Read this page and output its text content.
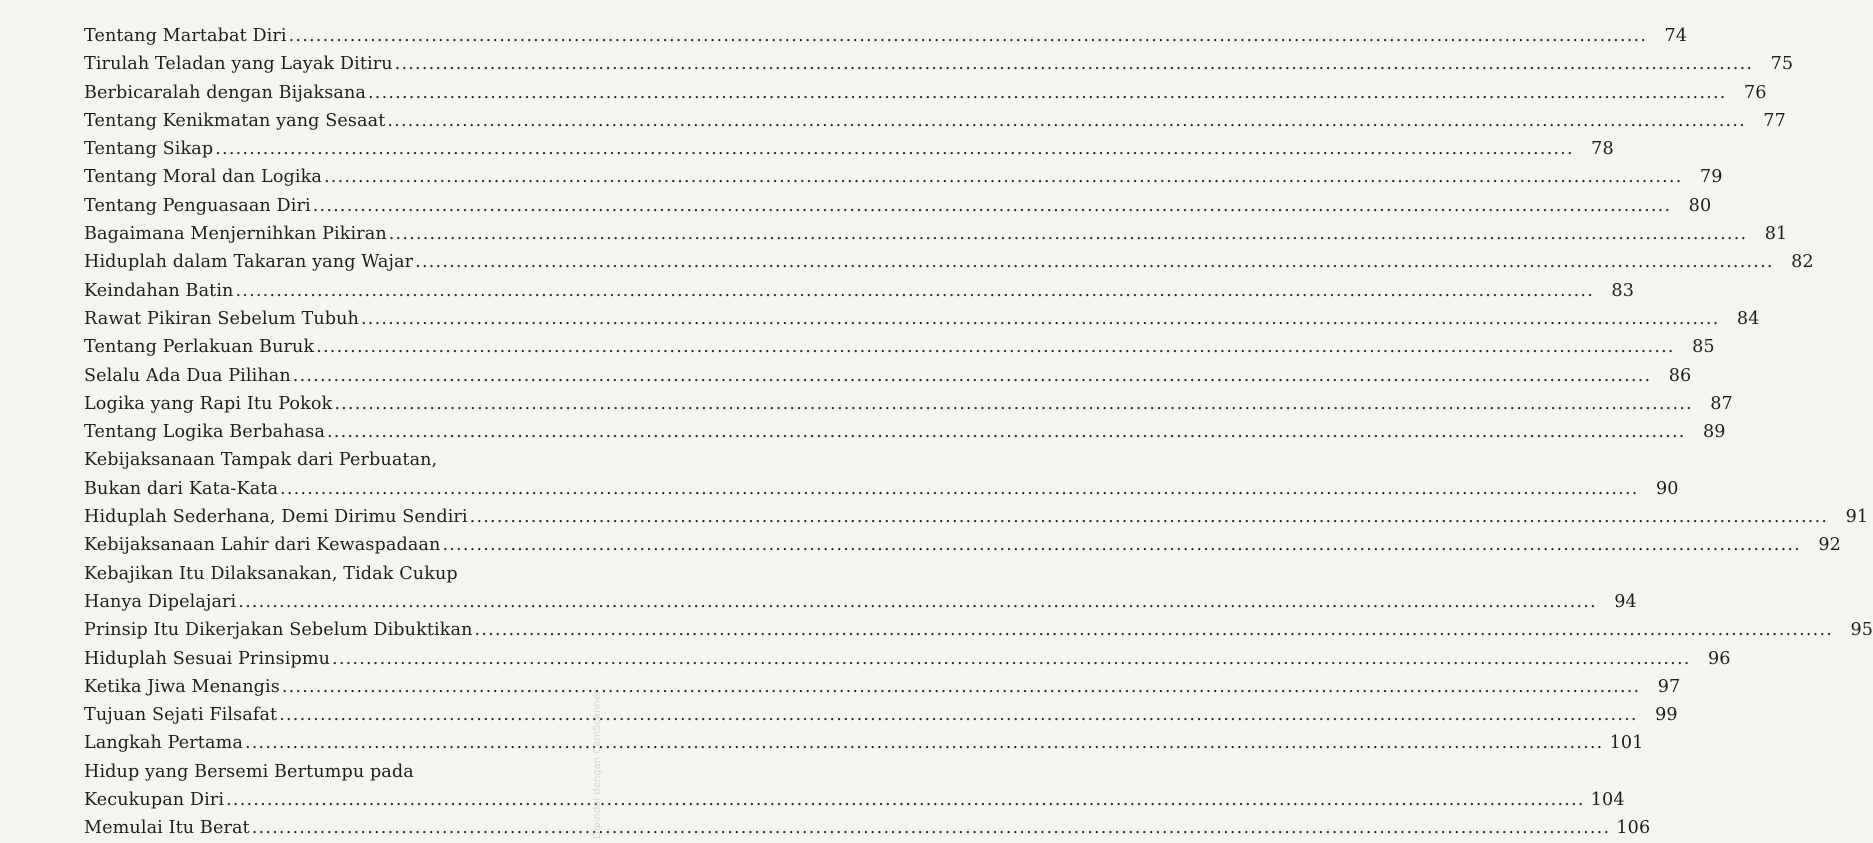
Tentang Martabat Diri ........................................................................................................................................................................................................ 74
Tirulah Teladan yang Layak Ditiru ........................................................................................................................................................................................................ 75
Berbicaralah dengan Bijaksana ........................................................................................................................................................................................................ 76
Tentang Kenikmatan yang Sesaat ........................................................................................................................................................................................................ 77
Tentang Sikap ........................................................................................................................................................................................................ 78
Tentang Moral dan Logika ........................................................................................................................................................................................................ 79
Tentang Penguasaan Diri ........................................................................................................................................................................................................ 80
Bagaimana Menjernihkan Pikiran ........................................................................................................................................................................................................ 81
Hiduplah dalam Takaran yang Wajar ........................................................................................................................................................................................................ 82
Keindahan Batin ........................................................................................................................................................................................................ 83
Rawat Pikiran Sebelum Tubuh ........................................................................................................................................................................................................ 84
Tentang Perlakuan Buruk ........................................................................................................................................................................................................ 85
Selalu Ada Dua Pilihan ........................................................................................................................................................................................................ 86
Logika yang Rapi Itu Pokok ........................................................................................................................................................................................................ 87
Tentang Logika Berbahasa ........................................................................................................................................................................................................ 89
Kebijaksanaan Tampak dari Perbuatan,
Bukan dari Kata-Kata ........................................................................................................................................................................................................ 90
Hiduplah Sederhana, Demi Dirimu Sendiri ........................................................................................................................................................................................................ 91
Kebijaksanaan Lahir dari Kewaspadaan ........................................................................................................................................................................................................ 92
Kebajikan Itu Dilaksanakan, Tidak Cukup
Hanya Dipelajari ........................................................................................................................................................................................................ 94
Prinsip Itu Dikerjakan Sebelum Dibuktikan ........................................................................................................................................................................................................ 95
Hiduplah Sesuai Prinsipmu ........................................................................................................................................................................................................ 96
Ketika Jiwa Menangis ........................................................................................................................................................................................................ 97
Tujuan Sejati Filsafat ........................................................................................................................................................................................................ 99
Langkah Pertama ........................................................................................................................................................................................................ 101
Hidup yang Bersemi Bertumpu pada
Kecukupan Diri ........................................................................................................................................................................................................ 104
Memulai Itu Berat ........................................................................................................................................................................................................ 106
Dipindai dengan CamScanner
